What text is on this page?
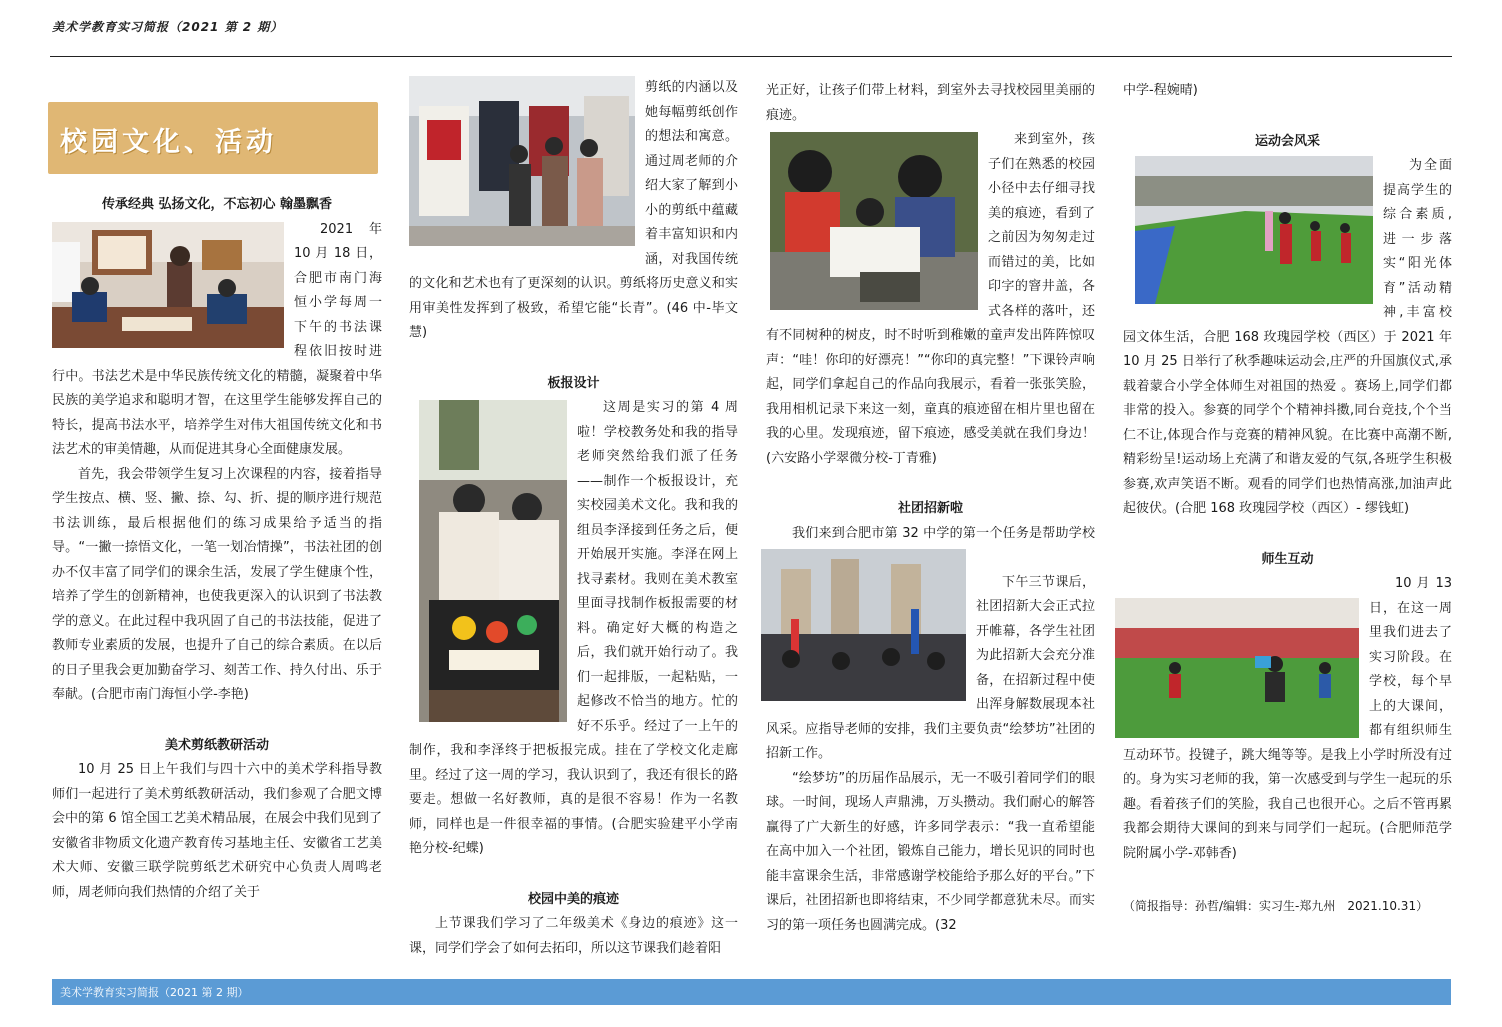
美术学教育实习简报（2021 第 2 期）
校园文化、活动

传承经典 弘扬文化，不忘初心 翰墨飘香

2021 年 10 月 18 日，合肥市南门海恒小学每周一下午的书法课程依旧按时进行中。书法艺术是中华民族传统文化的精髓，凝聚着中华民族的美学追求和聪明才智，在这里学生能够发挥自己的特长，提高书法水平，培养学生对伟大祖国传统文化和书法艺术的审美情趣，从而促进其身心全面健康发展。

首先，我会带领学生复习上次课程的内容，接着指导学生按点、横、竖、撇、捺、勾、折、提的顺序进行规范书法训练，最后根据他们的练习成果给予适当的指导。“一撇一捺悟文化，一笔一划冶情操”，书法社团的创办不仅丰富了同学们的课余生活，发展了学生健康个性，培养了学生的创新精神，也使我更深入的认识到了书法教学的意义。在此过程中我巩固了自己的书法技能，促进了教师专业素质的发展，也提升了自己的综合素质。在以后的日子里我会更加勤奋学习、刻苦工作、持久付出、乐于奉献。(合肥市南门海恒小学-李艳)

美术剪纸教研活动

10 月 25 日上午我们与四十六中的美术学科指导教师们一起进行了美术剪纸教研活动，我们参观了合肥文博会中的第 6 馆全国工艺美术精品展，在展会中我们见到了安徽省非物质文化遗产教育传习基地主任、安徽省工艺美术大师、安徽三联学院剪纸艺术研究中心负责人周鸣老师，周老师向我们热情的介绍了关于

剪纸的内涵以及她每幅剪纸创作的想法和寓意。通过周老师的介绍大家了解到小小的剪纸中蕴藏着丰富知识和内涵，对我国传统的文化和艺术也有了更深刻的认识。剪纸将历史意义和实用审美性发挥到了极致，希望它能“长青”。(46 中-毕文慧)

板报设计

这周是实习的第 4 周啦！学校教务处和我的指导老师突然给我们派了任务——制作一个板报设计，充实校园美术文化。我和我的组员李泽接到任务之后，便开始展开实施。李泽在网上找寻素材。我则在美术教室里面寻找制作板报需要的材料。确定好大概的构造之后，我们就开始行动了。我们一起排版，一起粘贴，一起修改不恰当的地方。忙的好不乐乎。经过了一上午的制作，我和李泽终于把板报完成。挂在了学校文化走廊里。经过了这一周的学习，我认识到了，我还有很长的路要走。想做一名好教师，真的是很不容易！作为一名教师，同样也是一件很幸福的事情。(合肥实验建平小学南艳分校-纪蝶)

校园中美的痕迹

上节课我们学习了二年级美术《身边的痕迹》这一课，同学们学会了如何去拓印，所以这节课我们趁着阳

光正好，让孩子们带上材料，到室外去寻找校园里美丽的痕迹。

来到室外，孩子们在熟悉的校园小径中去仔细寻找美的痕迹，看到了之前因为匆匆走过而错过的美，比如印字的窨井盖，各式各样的落叶，还有不同树种的树皮，时不时听到稚嫩的童声发出阵阵惊叹声：“哇！你印的好漂亮！”“你印的真完整！”下课铃声响起，同学们拿起自己的作品向我展示，看着一张张笑脸，我用相机记录下来这一刻，童真的痕迹留在相片里也留在我的心里。发现痕迹，留下痕迹，感受美就在我们身边！(六安路小学翠微分校-丁青雅)

社团招新啦

我们来到合肥市第 32 中学的第一个任务是帮助学校

下午三节课后，社团招新大会正式拉开帷幕，各学生社团为此招新大会充分准备，在招新过程中使出浑身解数展现本社风采。应指导老师的安排，我们主要负责“绘梦坊”社团的招新工作。

“绘梦坊”的历届作品展示，无一不吸引着同学们的眼球。一时间，现场人声鼎沸，万头攒动。我们耐心的解答赢得了广大新生的好感，许多同学表示：“我一直希望能在高中加入一个社团，锻炼自己能力，增长见识的同时也能丰富课余生活，非常感谢学校能给予那么好的平台。”下课后，社团招新也即将结束，不少同学都意犹未尽。而实习的第一项任务也圆满完成。(32

中学-程婉晴)

运动会风采

为全面提高学生的综合素质,进一步落实“阳光体育”活动精神,丰富校园文体生活，合肥 168 玫瑰园学校（西区）于 2021 年 10 月 25 日举行了秋季趣味运动会,庄严的升国旗仪式,承载着蒙合小学全体师生对祖国的热爱 。赛场上,同学们都非常的投入。参赛的同学个个精神抖擞,同台竞技,个个当仁不让,体现合作与竞赛的精神风貌。在比赛中高潮不断,精彩纷呈!运动场上充满了和谐友爱的气氛,各班学生积极参赛,欢声笑语不断。观看的同学们也热情高涨,加油声此起彼伏。(合肥 168 玫瑰园学校（西区）- 缪钱虹)

师生互动

10 月 13 日，在这一周里我们进去了实习阶段。在学校，每个早上的大课间，都有组织师生互动环节。投键子，跳大绳等等。是我上小学时所没有过的。身为实习老师的我，第一次感受到与学生一起玩的乐趣。看着孩子们的笑脸，我自己也很开心。之后不管再累我都会期待大课间的到来与同学们一起玩。(合肥师范学院附属小学-邓韩香)

（简报指导：孙哲/编辑：实习生-郑九州　2021.10.31）

美术学教育实习简报（2021 第 2 期）
